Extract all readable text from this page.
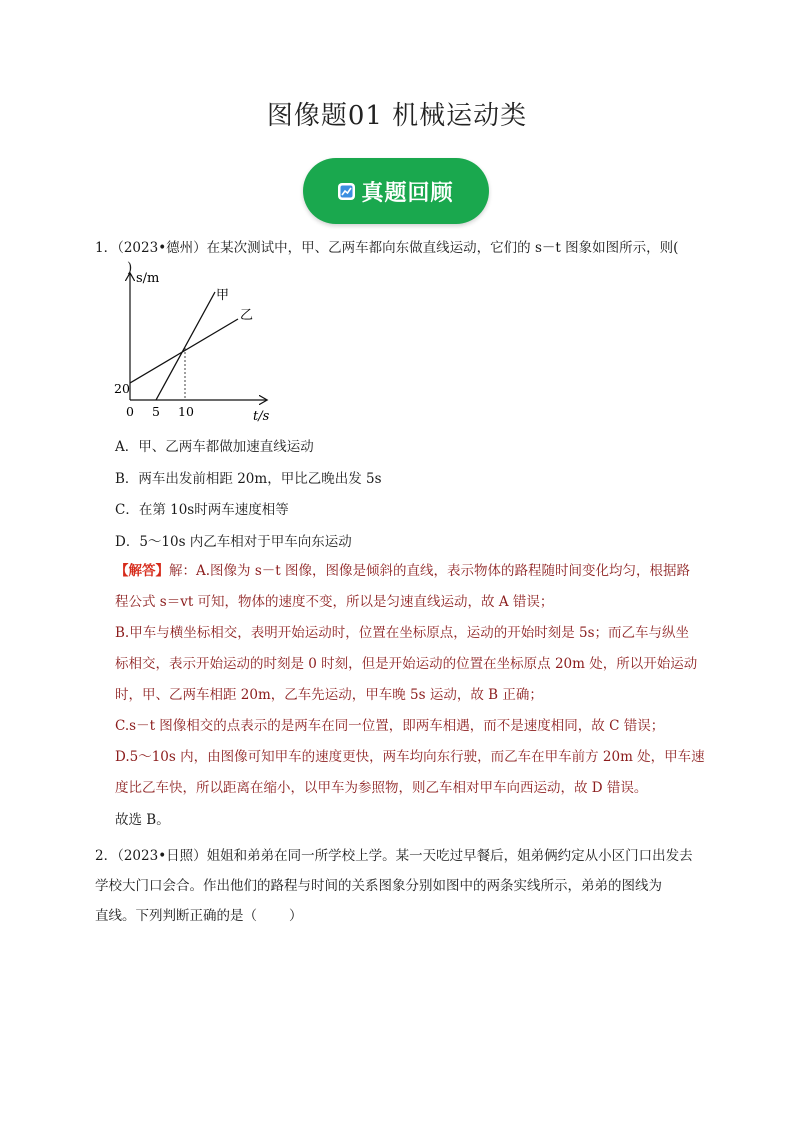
图像题01 机械运动类
真题回顾
1．（2023•德州）在某次测试中，甲、乙两车都向东做直线运动，它们的 s－t 图象如图所示，则()
s/m
t/s
甲
乙
0 5 10
20
A．甲、乙两车都做加速直线运动
B．两车出发前相距 20m，甲比乙晚出发 5s
C．在第 10s时两车速度相等
D．5～10s 内乙车相对于甲车向东运动
【解答】解：A.图像为 s－t 图像，图像是倾斜的直线，表示物体的路程随时间变化均匀，根据路
程公式 s＝vt 可知，物体的速度不变，所以是匀速直线运动，故 A 错误；
B.甲车与横坐标相交，表明开始运动时，位置在坐标原点，运动的开始时刻是 5s；而乙车与纵坐
标相交，表示开始运动的时刻是 0 时刻，但是开始运动的位置在坐标原点 20m 处，所以开始运动
时，甲、乙两车相距 20m，乙车先运动，甲车晚 5s 运动，故 B 正确；
C.s－t 图像相交的点表示的是两车在同一位置，即两车相遇，而不是速度相同，故 C 错误；
D.5～10s 内，由图像可知甲车的速度更快，两车均向东行驶，而乙车在甲车前方 20m 处，甲车速
度比乙车快，所以距离在缩小，以甲车为参照物，则乙车相对甲车向西运动，故 D 错误。
故选 B。
2．（2023•日照）姐姐和弟弟在同一所学校上学。某一天吃过早餐后，姐弟俩约定从小区门口出发去
学校大门口会合。作出他们的路程与时间的关系图象分别如图中的两条实线所示，弟弟的图线为
直线。下列判断正确的是（ ）
